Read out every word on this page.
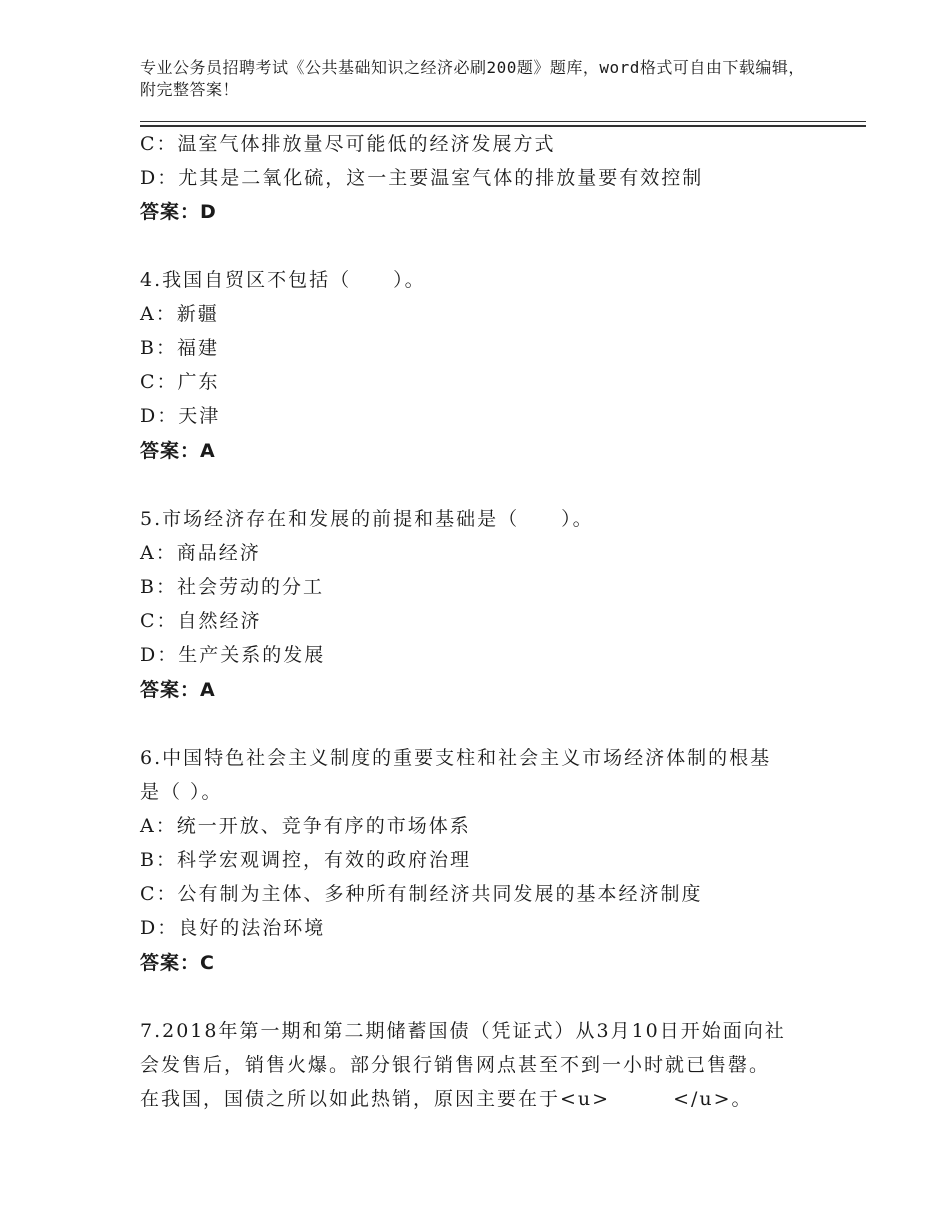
专业公务员招聘考试《公共基础知识之经济必刷200题》题库，word格式可自由下载编辑，附完整答案！
C：温室气体排放量尽可能低的经济发展方式
D：尤其是二氧化硫，这一主要温室气体的排放量要有效控制
答案：D
4.我国自贸区不包括（　　）。
A：新疆
B：福建
C：广东
D：天津
答案：A
5.市场经济存在和发展的前提和基础是（　　）。
A：商品经济
B：社会劳动的分工
C：自然经济
D：生产关系的发展
答案：A
6.中国特色社会主义制度的重要支柱和社会主义市场经济体制的根基
是（ ）。
A：统一开放、竞争有序的市场体系
B：科学宏观调控，有效的政府治理
C：公有制为主体、多种所有制经济共同发展的基本经济制度
D：良好的法治环境
答案：C
7.2018年第一期和第二期储蓄国债（凭证式）从3月10日开始面向社
会发售后，销售火爆。部分银行销售网点甚至不到一小时就已售罄。
在我国，国债之所以如此热销，原因主要在于<u>　　　</u>。
